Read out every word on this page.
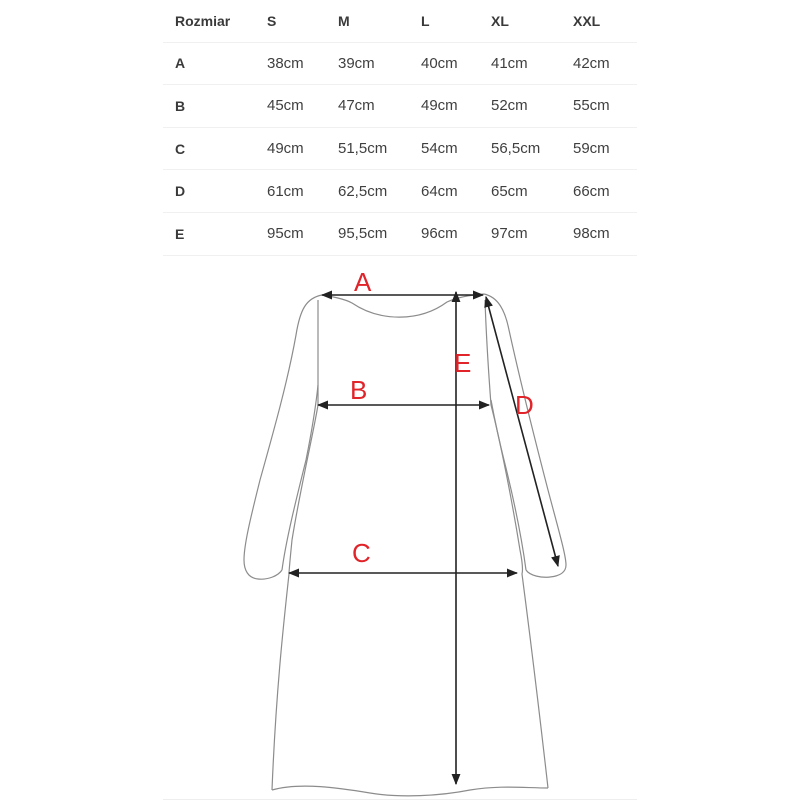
Rozmiar	S	M	L	XL	XXL
A	38cm	39cm	40cm	41cm	42cm
B	45cm	47cm	49cm	52cm	55cm
C	49cm	51,5cm	54cm	56,5cm	59cm
D	61cm	62,5cm	64cm	65cm	66cm
E	95cm	95,5cm	96cm	97cm	98cm
A
B
C
D
E
